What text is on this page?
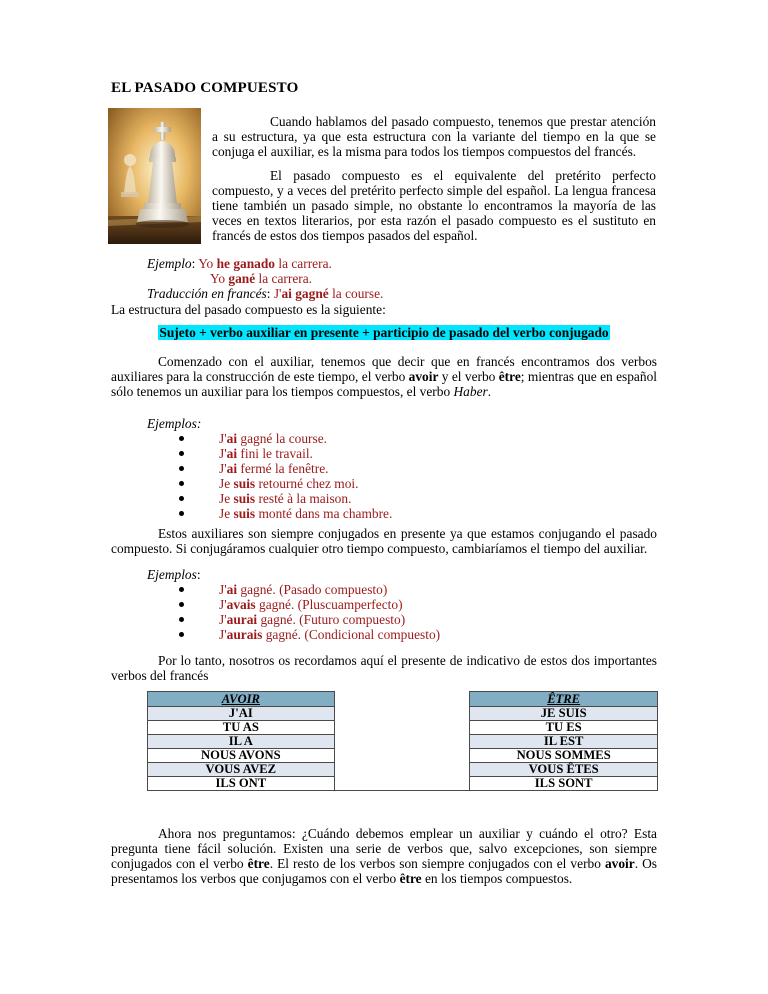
EL PASADO COMPUESTO

Cuando hablamos del pasado compuesto, tenemos que prestar atención a su estructura, ya que esta estructura con la variante del tiempo en la que se conjuga el auxiliar, es la misma para todos los tiempos compuestos del francés.

El pasado compuesto es el equivalente del pretérito perfecto compuesto, y a veces del pretérito perfecto simple del español. La lengua francesa tiene también un pasado simple, no obstante lo encontramos la mayoría de las veces en textos literarios, por esta razón el pasado compuesto es el sustituto en francés de estos dos tiempos pasados del español.

Ejemplo: Yo he ganado la carrera.
Yo gané la carrera.
Traducción en francés: J'ai gagné la course.
La estructura del pasado compuesto es la siguiente:
Sujeto + verbo auxiliar en presente + participio de pasado del verbo conjugado

Comenzado con el auxiliar, tenemos que decir que en francés encontramos dos verbos auxiliares para la construcción de este tiempo, el verbo avoir y el verbo être; mientras que en español sólo tenemos un auxiliar para los tiempos compuestos, el verbo Haber.

Ejemplos:
J'ai gagné la course.
J'ai fini le travail.
J'ai fermé la fenêtre.
Je suis retourné chez moi.
Je suis resté à la maison.
Je suis monté dans ma chambre.

Estos auxiliares son siempre conjugados en presente ya que estamos conjugando el pasado compuesto. Si conjugáramos cualquier otro tiempo compuesto, cambiaríamos el tiempo del auxiliar.

Ejemplos:
J'ai gagné. (Pasado compuesto)
J'avais gagné. (Pluscuamperfecto)
J'aurai gagné. (Futuro compuesto)
J'aurais gagné. (Condicional compuesto)

Por lo tanto, nosotros os recordamos aquí el presente de indicativo de estos dos importantes verbos del francés

AVOIR		ÊTRE
J'AI		JE SUIS
TU AS		TU ES
IL A		IL EST
NOUS AVONS		NOUS SOMMES
VOUS AVEZ		VOUS ÊTES
ILS ONT		ILS SONT

Ahora nos preguntamos: ¿Cuándo debemos emplear un auxiliar y cuándo el otro? Esta pregunta tiene fácil solución. Existen una serie de verbos que, salvo excepciones, son siempre conjugados con el verbo être. El resto de los verbos son siempre conjugados con el verbo avoir. Os presentamos los verbos que conjugamos con el verbo être en los tiempos compuestos.
